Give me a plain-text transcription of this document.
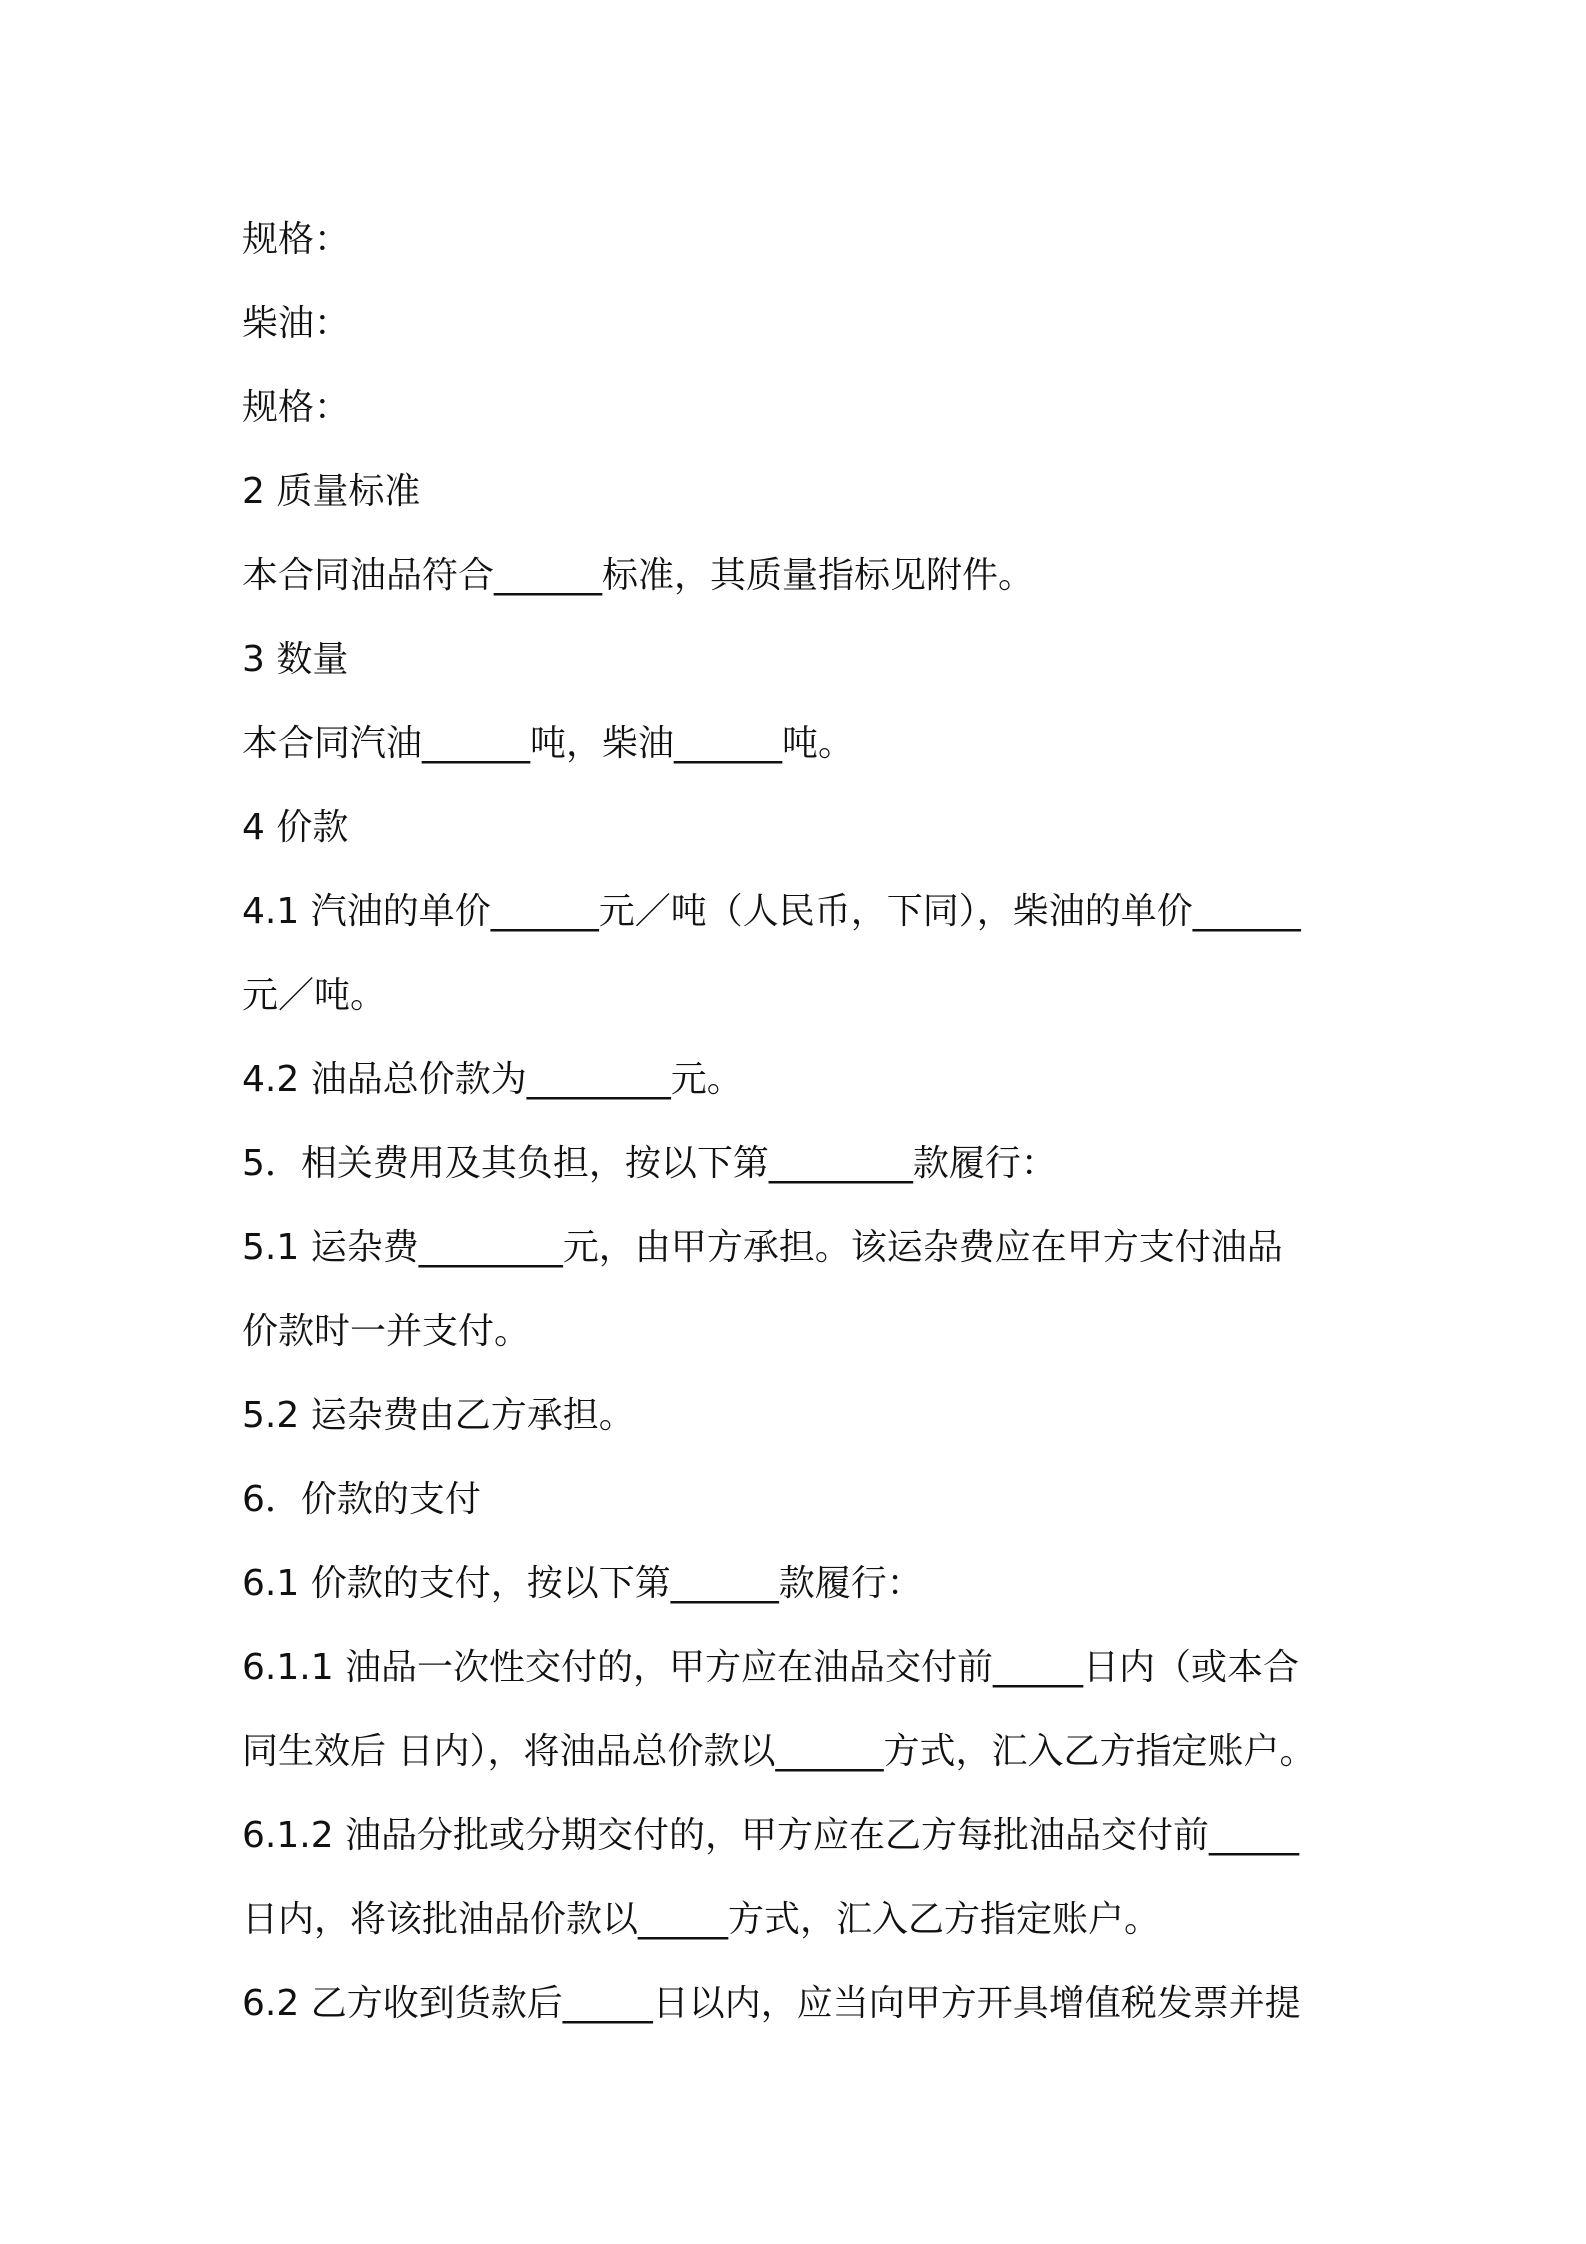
规格：
柴油：
规格：
2 质量标准
本合同油品符合______标准，其质量指标见附件。
3 数量
本合同汽油______吨，柴油______吨。
4 价款
4.1 汽油的单价______元／吨（人民币，下同），柴油的单价______
元／吨。
4.2 油品总价款为________元。
5．相关费用及其负担，按以下第________款履行：
5.1 运杂费________元，由甲方承担。该运杂费应在甲方支付油品
价款时一并支付。
5.2 运杂费由乙方承担。
6．价款的支付
6.1 价款的支付，按以下第______款履行：
6.1.1 油品一次性交付的，甲方应在油品交付前_____日内（或本合
同生效后 日内），将油品总价款以______方式，汇入乙方指定账户。
6.1.2 油品分批或分期交付的，甲方应在乙方每批油品交付前_____
日内，将该批油品价款以_____方式，汇入乙方指定账户。
6.2 乙方收到货款后_____日以内，应当向甲方开具增值税发票并提
